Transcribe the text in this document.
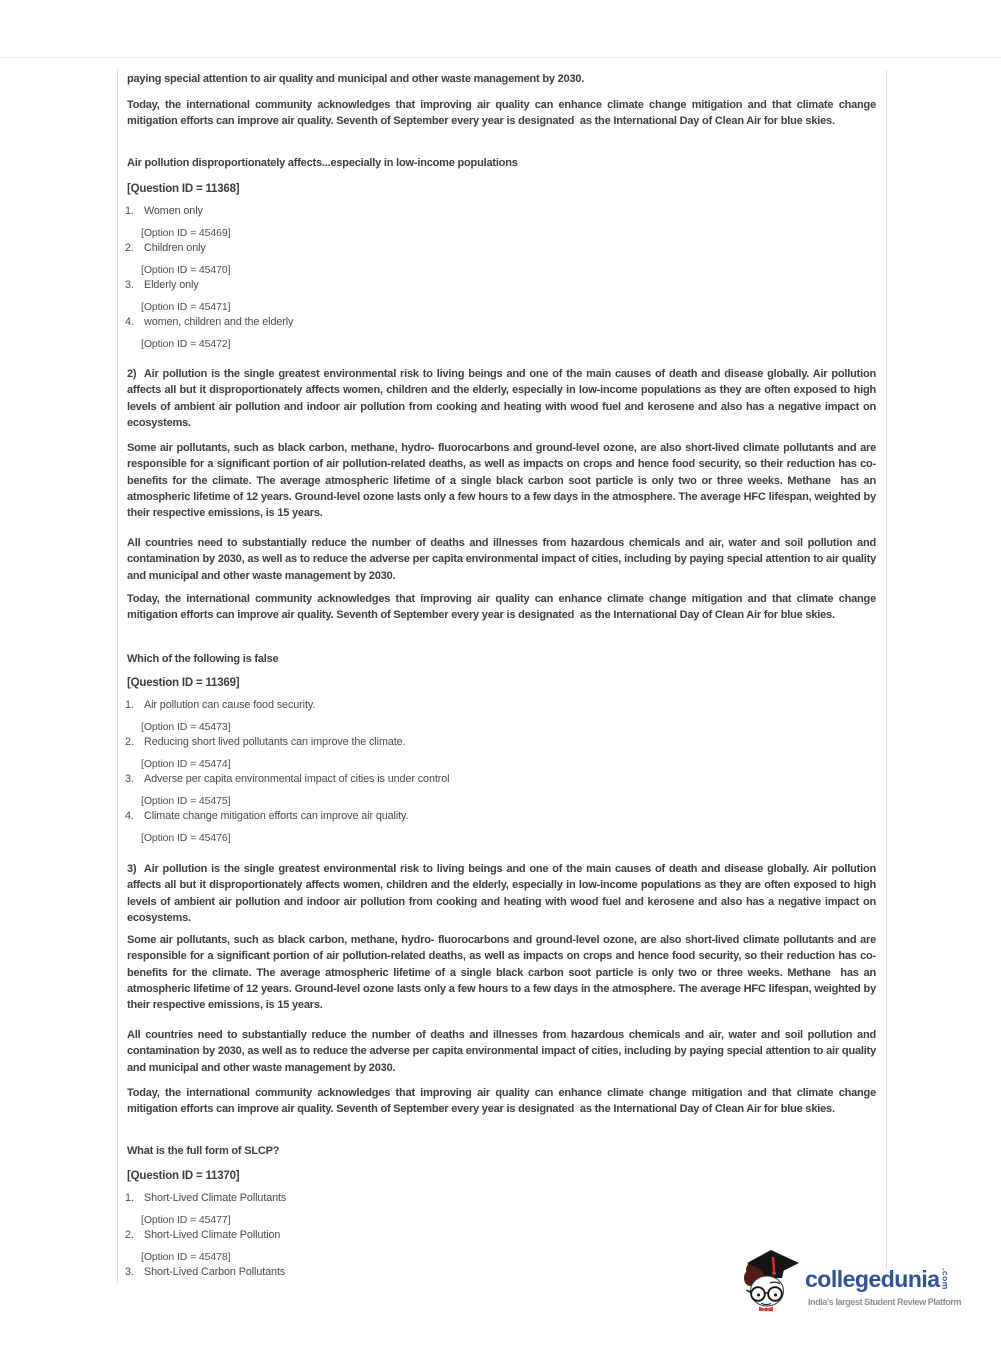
paying special attention to air quality and municipal and other waste management by 2030.

Today, the international community acknowledges that improving air quality can enhance climate change mitigation and that climate change mitigation efforts can improve air quality. Seventh of September every year is designated  as the International Day of Clean Air for blue skies.

Air pollution disproportionately affects...especially in low-income populations

[Question ID = 11368]
1. Women only
[Option ID = 45469]
2. Children only
[Option ID = 45470]
3. Elderly only
[Option ID = 45471]
4. women, children and the elderly
[Option ID = 45472]

2)  Air pollution is the single greatest environmental risk to living beings and one of the main causes of death and disease globally. Air pollution affects all but it disproportionately affects women, children and the elderly, especially in low-income populations as they are often exposed to high levels of ambient air pollution and indoor air pollution from cooking and heating with wood fuel and kerosene and also has a negative impact on ecosystems.

Some air pollutants, such as black carbon, methane, hydro- fluorocarbons and ground-level ozone, are also short-lived climate pollutants and are responsible for a significant portion of air pollution-related deaths, as well as impacts on crops and hence food security, so their reduction has co-benefits for the climate. The average atmospheric lifetime of a single black carbon soot particle is only two or three weeks. Methane  has an atmospheric lifetime of 12 years. Ground-level ozone lasts only a few hours to a few days in the atmosphere. The average HFC lifespan, weighted by their respective emissions, is 15 years.

All countries need to substantially reduce the number of deaths and illnesses from hazardous chemicals and air, water and soil pollution and contamination by 2030, as well as to reduce the adverse per capita environmental impact of cities, including by paying special attention to air quality and municipal and other waste management by 2030.

Today, the international community acknowledges that improving air quality can enhance climate change mitigation and that climate change mitigation efforts can improve air quality. Seventh of September every year is designated  as the International Day of Clean Air for blue skies.

Which of the following is false

[Question ID = 11369]
1. Air pollution can cause food security.
[Option ID = 45473]
2. Reducing short lived pollutants can improve the climate.
[Option ID = 45474]
3. Adverse per capita environmental impact of cities is under control
[Option ID = 45475]
4. Climate change mitigation efforts can improve air quality.
[Option ID = 45476]

3)  Air pollution is the single greatest environmental risk to living beings and one of the main causes of death and disease globally. Air pollution affects all but it disproportionately affects women, children and the elderly, especially in low-income populations as they are often exposed to high levels of ambient air pollution and indoor air pollution from cooking and heating with wood fuel and kerosene and also has a negative impact on ecosystems.

Some air pollutants, such as black carbon, methane, hydro- fluorocarbons and ground-level ozone, are also short-lived climate pollutants and are responsible for a significant portion of air pollution-related deaths, as well as impacts on crops and hence food security, so their reduction has co-benefits for the climate. The average atmospheric lifetime of a single black carbon soot particle is only two or three weeks. Methane  has an atmospheric lifetime of 12 years. Ground-level ozone lasts only a few hours to a few days in the atmosphere. The average HFC lifespan, weighted by their respective emissions, is 15 years.

All countries need to substantially reduce the number of deaths and illnesses from hazardous chemicals and air, water and soil pollution and contamination by 2030, as well as to reduce the adverse per capita environmental impact of cities, including by paying special attention to air quality and municipal and other waste management by 2030.

Today, the international community acknowledges that improving air quality can enhance climate change mitigation and that climate change mitigation efforts can improve air quality. Seventh of September every year is designated  as the International Day of Clean Air for blue skies.

What is the full form of SLCP?

[Question ID = 11370]
1. Short-Lived Climate Pollutants
[Option ID = 45477]
2. Short-Lived Climate Pollution
[Option ID = 45478]
3. Short-Lived Carbon Pollutants	collegedunia.com
India's largest Student Review Platform
